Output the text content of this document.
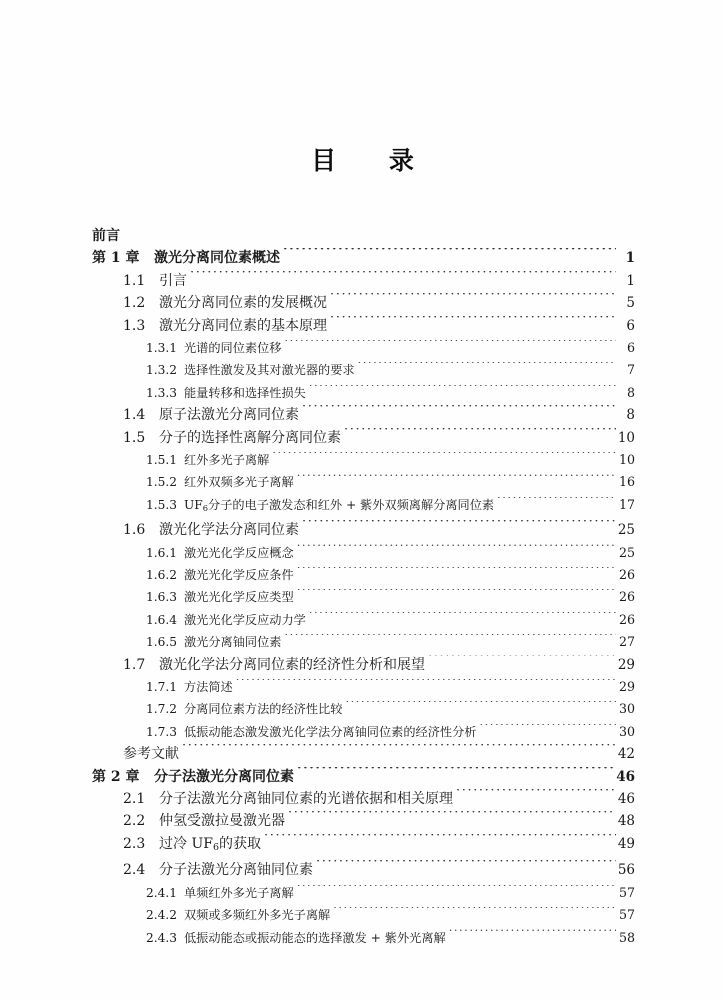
目 录
前言
第 1 章	激光分离同位素概述 ·····	1
1.1 引言 ·····	1
1.2 激光分离同位素的发展概况 ·····	5
1.3 激光分离同位素的基本原理 ·····	6
1.3.1 光谱的同位素位移 ·····	6
1.3.2 选择性激发及其对激光器的要求 ·····	7
1.3.3 能量转移和选择性损失 ·····	8
1.4 原子法激光分离同位素 ·····	8
1.5 分子的选择性离解分离同位素 ·····	10
1.5.1 红外多光子离解 ·····	10
1.5.2 红外双频多光子离解 ·····	16
1.5.3 $UF_6$分子的电子激发态和红外 + 紫外双频离解分离同位素 ·····	17
1.6 激光化学法分离同位素 ·····	25
1.6.1 激光光化学反应概念 ·····	25
1.6.2 激光光化学反应条件 ·····	26
1.6.3 激光光化学反应类型 ·····	26
1.6.4 激光光化学反应动力学 ·····	26
1.6.5 激光分离铀同位素 ·····	27
1.7 激光化学法分离同位素的经济性分析和展望 ·····	29
1.7.1 方法简述 ·····	29
1.7.2 分离同位素方法的经济性比较 ·····	30
1.7.3 低振动能态激发激光化学法分离铀同位素的经济性分析 ·····	30
参考文献 ·····	42
第 2 章	分子法激光分离同位素 ·····	46
2.1 分子法激光分离铀同位素的光谱依据和相关原理 ·····	46
2.2 仲氢受激拉曼激光器 ·····	48
2.3 过冷 $UF_6$的获取 ·····	49
2.4 分子法激光分离铀同位素 ·····	56
2.4.1 单频红外多光子离解 ·····	57
2.4.2 双频或多频红外多光子离解 ·····	57
2.4.3 低振动能态或振动能态的选择激发 + 紫外光离解 ·····	58
